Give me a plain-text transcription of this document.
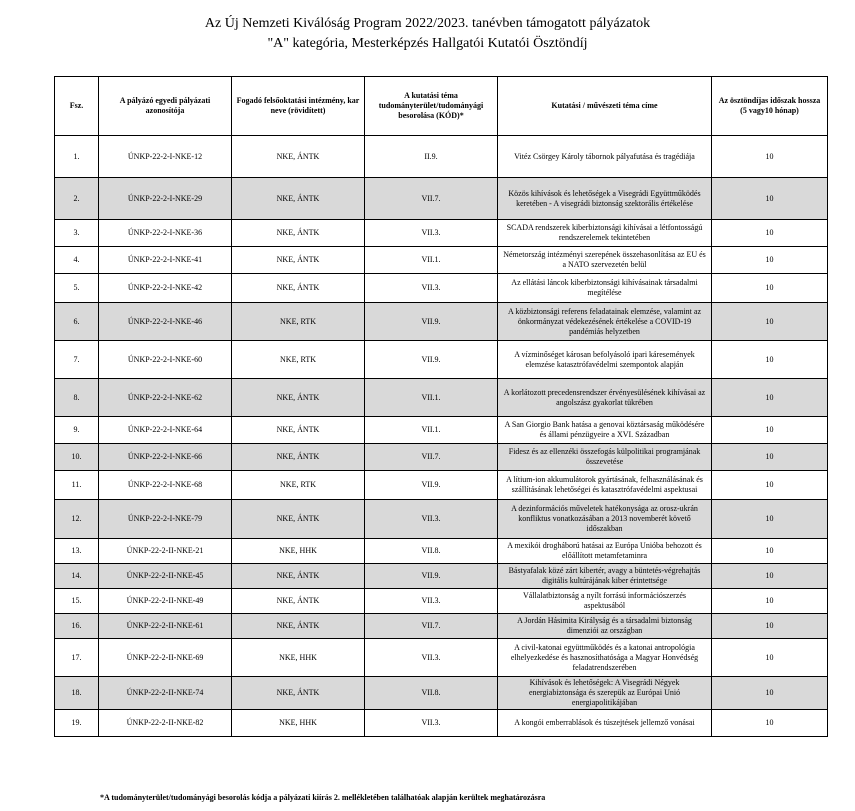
Az Új Nemzeti Kiválóság Program 2022/2023. tanévben támogatott pályázatok
"A" kategória, Mesterképzés Hallgatói Kutatói Ösztöndíj
Fsz.	A pályázó egyedi pályázati azonosítója	Fogadó felsőoktatási intézmény, kar neve (rövidített)	A kutatási téma tudományterület/tudományági besorolása (KÓD)*	Kutatási / művészeti téma címe	Az ösztöndíjas időszak hossza (5 vagy10 hónap)
1.	ÚNKP-22-2-I-NKE-12	NKE, ÁNTK	II.9.	Vitéz Csörgey Károly tábornok pályafutása és tragédiája	10
2.	ÚNKP-22-2-I-NKE-29	NKE, ÁNTK	VII.7.	Közös kihívások és lehetőségek a Visegrádi Együttműködés keretében - A visegrádi biztonság szektorális értékelése	10
3.	ÚNKP-22-2-I-NKE-36	NKE, ÁNTK	VII.3.	SCADA rendszerek kiberbiztonsági kihívásai a létfontosságú rendszerelemek tekintetében	10
4.	ÚNKP-22-2-I-NKE-41	NKE, ÁNTK	VII.1.	Németország intézményi szerepének összehasonlítása az EU és a NATO szervezetén belül	10
5.	ÚNKP-22-2-I-NKE-42	NKE, ÁNTK	VII.3.	Az ellátási láncok kiberbiztonsági kihívásainak társadalmi megítélése	10
6.	ÚNKP-22-2-I-NKE-46	NKE, RTK	VII.9.	A közbiztonsági referens feladatainak elemzése, valamint az önkormányzat védekezésének értékelése a COVID-19 pandémiás helyzetben	10
7.	ÚNKP-22-2-I-NKE-60	NKE, RTK	VII.9.	A vízminőséget károsan befolyásoló ipari káresemények elemzése katasztrófavédelmi szempontok alapján	10
8.	ÚNKP-22-2-I-NKE-62	NKE, ÁNTK	VII.1.	A korlátozott precedensrendszer érvényesülésének kihívásai az angolszász gyakorlat tükrében	10
9.	ÚNKP-22-2-I-NKE-64	NKE, ÁNTK	VII.1.	A San Giorgio Bank hatása a genovai köztársaság működésére és állami pénzügyeire a XVI. Században	10
10.	ÚNKP-22-2-I-NKE-66	NKE, ÁNTK	VII.7.	Fidesz és az ellenzéki összefogás külpolitikai programjának összevetése	10
11.	ÚNKP-22-2-I-NKE-68	NKE, RTK	VII.9.	A lítium-ion akkumulátorok gyártásának, felhasználásának és szállításának lehetőségei és katasztrófavédelmi aspektusai	10
12.	ÚNKP-22-2-I-NKE-79	NKE, ÁNTK	VII.3.	A dezinformációs műveletek hatékonysága az orosz-ukrán konfliktus vonatkozásában a 2013 novemberét követő időszakban	10
13.	ÚNKP-22-2-II-NKE-21	NKE, HHK	VII.8.	A mexikói drogháború hatásai az Európa Unióba behozott és előállított metamfetaminra	10
14.	ÚNKP-22-2-II-NKE-45	NKE, ÁNTK	VII.9.	Bástyafalak közé zárt kibertér, avagy a büntetés-végrehajtás digitális kultúrájának kiber érintettsége	10
15.	ÚNKP-22-2-II-NKE-49	NKE, ÁNTK	VII.3.	Vállalatbiztonság a nyílt forrású információszerzés aspektusából	10
16.	ÚNKP-22-2-II-NKE-61	NKE, ÁNTK	VII.7.	A Jordán Hásimita Királyság és a társadalmi biztonság dimenziói az országban	10
17.	ÚNKP-22-2-II-NKE-69	NKE, HHK	VII.3.	A civil-katonai együttműködés és a katonai antropológia elhelyezkedése és hasznosíthatósága a Magyar Honvédség feladatrendszerében	10
18.	ÚNKP-22-2-II-NKE-74	NKE, ÁNTK	VII.8.	Kihívások és lehetőségek: A Visegrádi Négyek energiabiztonsága és szerepük az Európai Unió energiapolitikájában	10
19.	ÚNKP-22-2-II-NKE-82	NKE, HHK	VII.3.	A kongói emberrablások és túszejtések jellemző vonásai	10
*A tudományterület/tudományági besorolás kódja a pályázati kiírás 2. mellékletében találhatóak alapján kerültek meghatározásra
